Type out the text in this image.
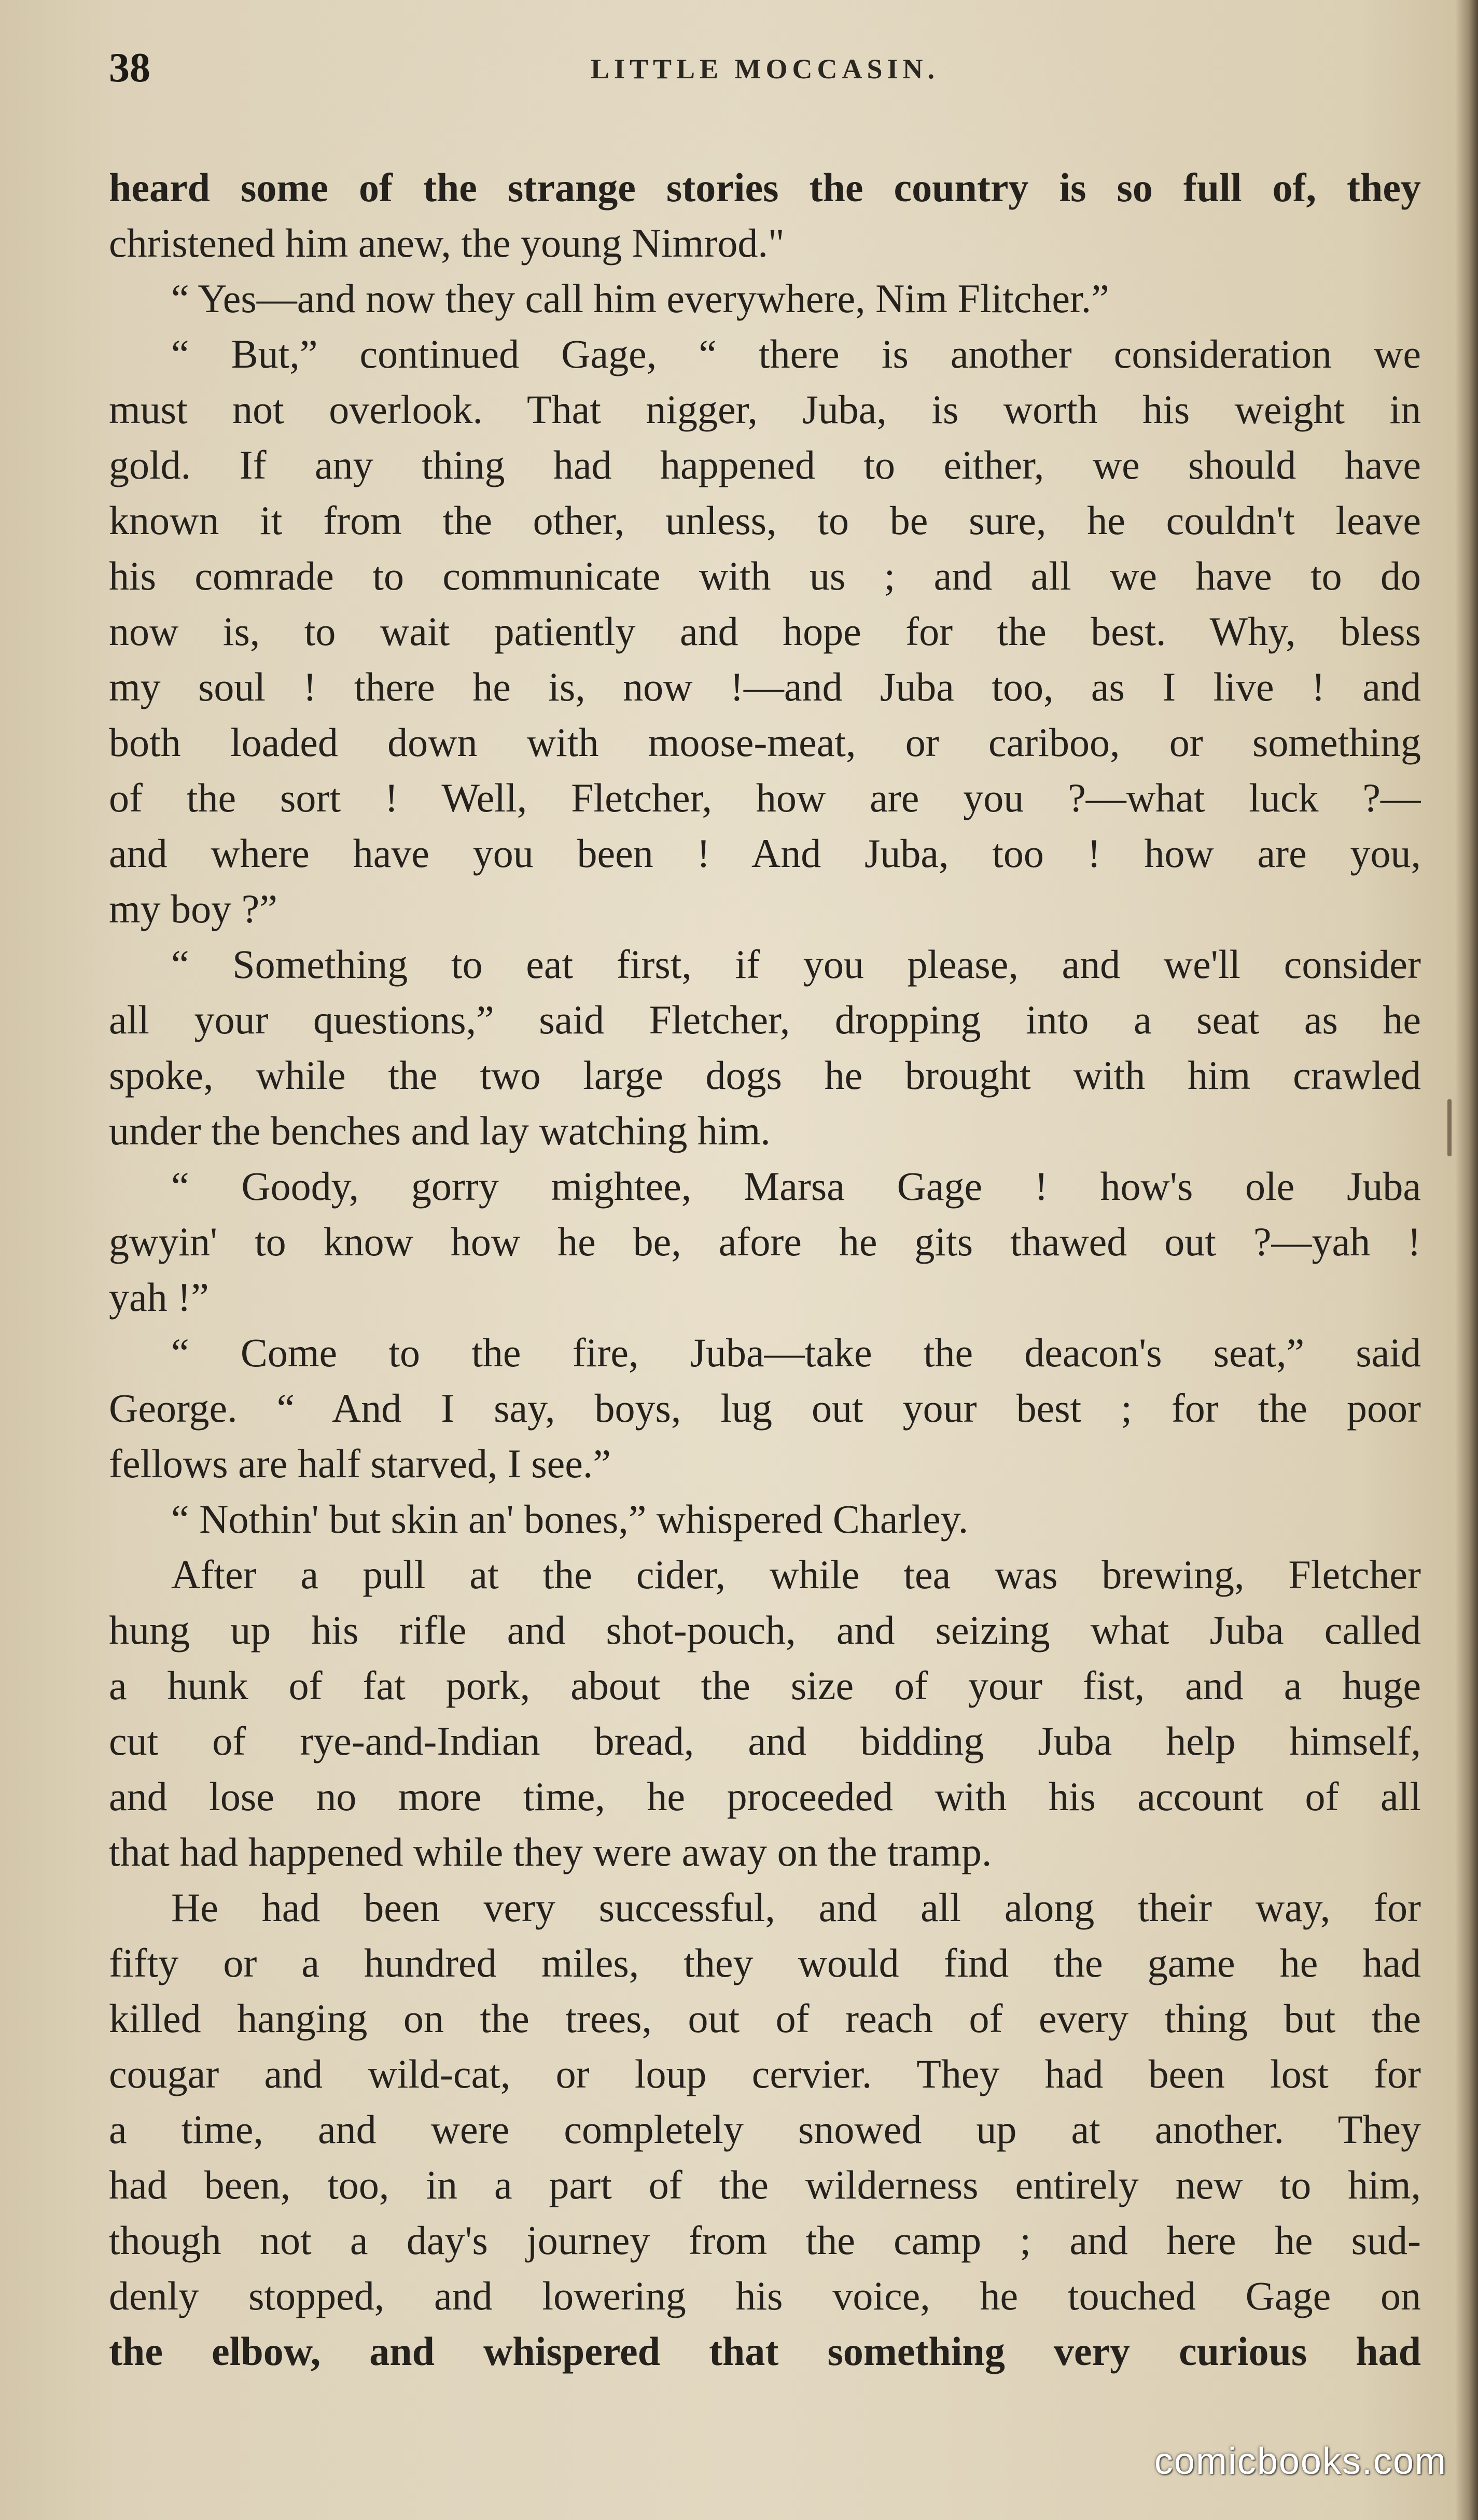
38	LITTLE MOCCASIN.
heard some of the strange stories the country is so full of, they
christened him anew, the young Nimrod."
“ Yes—and now they call him everywhere, Nim Flitcher.”
“ But,” continued Gage, “ there is another consideration we
must not overlook. That nigger, Juba, is worth his weight in
gold. If any thing had happened to either, we should have
known it from the other, unless, to be sure, he couldn't leave
his comrade to communicate with us ; and all we have to do
now is, to wait patiently and hope for the best. Why, bless
my soul ! there he is, now !—and Juba too, as I live ! and
both loaded down with moose-meat, or cariboo, or something
of the sort ! Well, Fletcher, how are you ?—what luck ?—
and where have you been ! And Juba, too ! how are you,
my boy ?”
“ Something to eat first, if you please, and we'll consider
all your questions,” said Fletcher, dropping into a seat as he
spoke, while the two large dogs he brought with him crawled
under the benches and lay watching him.
“ Goody, gorry mightee, Marsa Gage ! how's ole Juba
gwyin' to know how he be, afore he gits thawed out ?—yah !
yah !”
“ Come to the fire, Juba—take the deacon's seat,” said
George. “ And I say, boys, lug out your best ; for the poor
fellows are half starved, I see.”
“ Nothin' but skin an' bones,” whispered Charley.
After a pull at the cider, while tea was brewing, Fletcher
hung up his rifle and shot-pouch, and seizing what Juba called
a hunk of fat pork, about the size of your fist, and a huge
cut of rye-and-Indian bread, and bidding Juba help himself,
and lose no more time, he proceeded with his account of all
that had happened while they were away on the tramp.
He had been very successful, and all along their way, for
fifty or a hundred miles, they would find the game he had
killed hanging on the trees, out of reach of every thing but the
cougar and wild-cat, or loup cervier. They had been lost for
a time, and were completely snowed up at another. They
had been, too, in a part of the wilderness entirely new to him,
though not a day's journey from the camp ; and here he sud-
denly stopped, and lowering his voice, he touched Gage on
the elbow, and whispered that something very curious had
comicbooks.com
